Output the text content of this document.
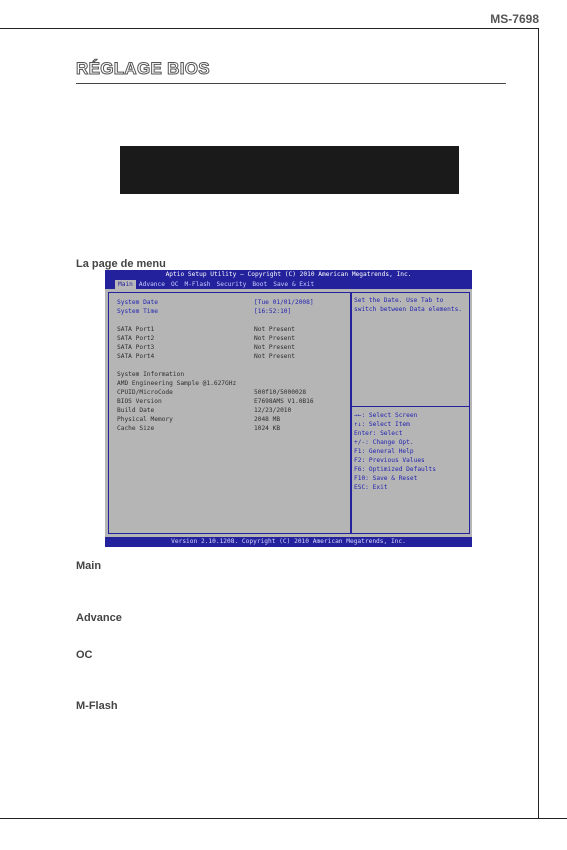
MS-7698
RÉGLAGE BIOS
La page de menu
Aptio Setup Utility – Copyright (C) 2010 American Megatrends, Inc.
Main Advance OC M-Flash Security Boot Save & Exit
System Date	[Tue 01/01/2008]
System Time	[16:52:10]
SATA Port1	Not Present
SATA Port2	Not Present
SATA Port3	Not Present
SATA Port4	Not Present
System Information
AMD Engineering Sample @1.627GHz
CPUID/MicroCode	500f10/5000028
BIOS Version	E7698AMS V1.0B16
Build Date	12/23/2010
Physical Memory	2048 MB
Cache Size	1024 KB
Set the Date. Use Tab to
switch between Data elements.
→←: Select Screen
↑↓: Select Item
Enter: Select
+/-: Change Opt.
F1: General Help
F2: Previous Values
F6: Optimized Defaults
F10: Save & Reset
ESC: Exit
Version 2.10.1208. Copyright (C) 2010 American Megatrends, Inc.
Main
Advance
OC
M-Flash
